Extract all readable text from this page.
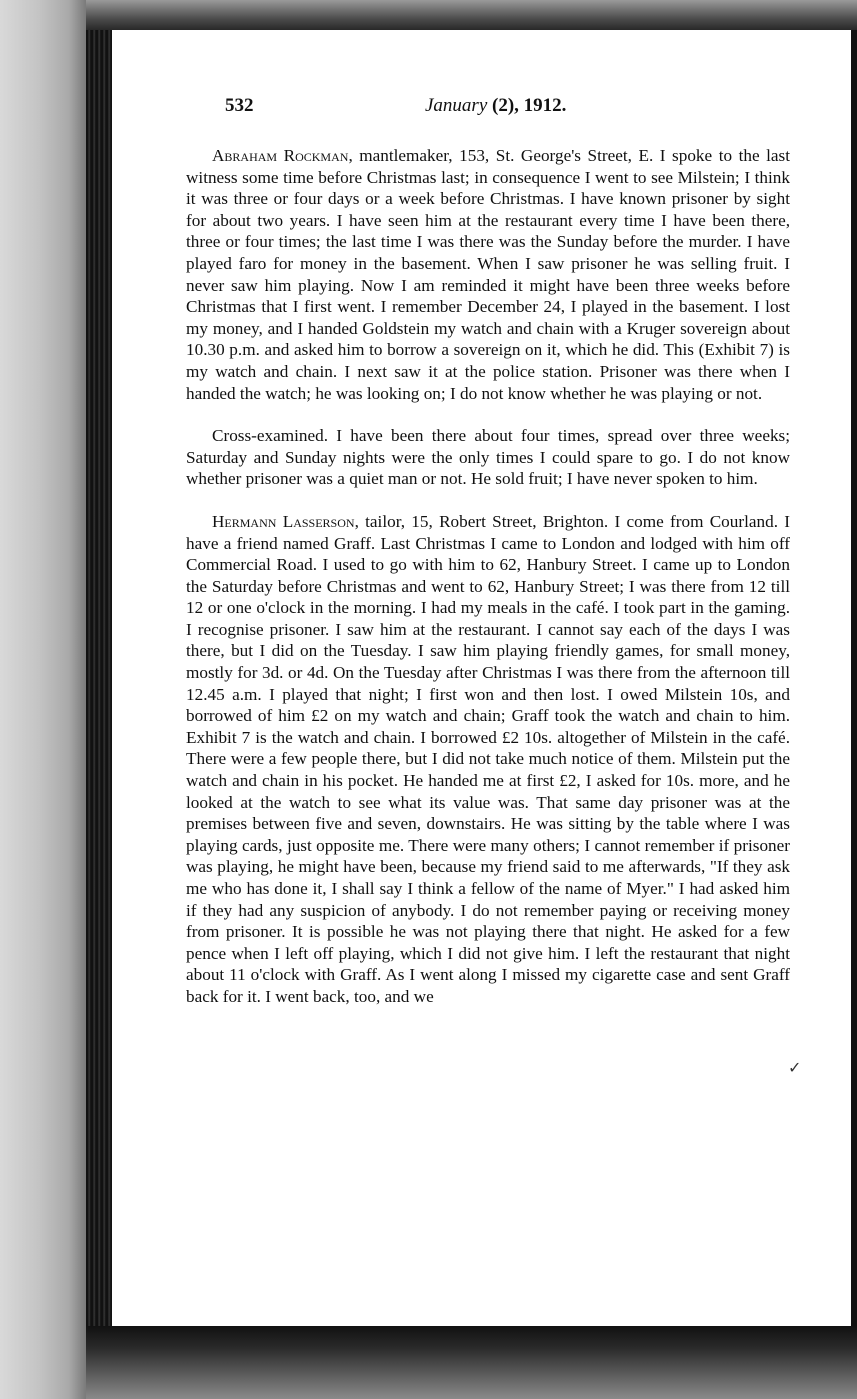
532	January (2), 1912.

Abraham Rockman, mantlemaker, 153, St. George's Street, E. I spoke to the last witness some time before Christmas last; in consequence I went to see Milstein; I think it was three or four days or a week before Christmas. I have known prisoner by sight for about two years. I have seen him at the restaurant every time I have been there, three or four times; the last time I was there was the Sunday before the murder. I have played faro for money in the basement. When I saw prisoner he was selling fruit. I never saw him playing. Now I am reminded it might have been three weeks before Christmas that I first went. I remember December 24, I played in the basement. I lost my money, and I handed Goldstein my watch and chain with a Kruger sovereign about 10.30 p.m. and asked him to borrow a sovereign on it, which he did. This (Exhibit 7) is my watch and chain. I next saw it at the police station. Prisoner was there when I handed the watch; he was looking on; I do not know whether he was playing or not.

Cross-examined. I have been there about four times, spread over three weeks; Saturday and Sunday nights were the only times I could spare to go. I do not know whether prisoner was a quiet man or not. He sold fruit; I have never spoken to him.

Hermann Lasserson, tailor, 15, Robert Street, Brighton. I come from Courland. I have a friend named Graff. Last Christmas I came to London and lodged with him off Commercial Road. I used to go with him to 62, Hanbury Street. I came up to London the Saturday before Christmas and went to 62, Hanbury Street; I was there from 12 till 12 or one o'clock in the morning. I had my meals in the café. I took part in the gaming. I recognise prisoner. I saw him at the restaurant. I cannot say each of the days I was there, but I did on the Tuesday. I saw him playing friendly games, for small money, mostly for 3d. or 4d. On the Tuesday after Christmas I was there from the afternoon till 12.45 a.m. I played that night; I first won and then lost. I owed Milstein 10s, and borrowed of him £2 on my watch and chain; Graff took the watch and chain to him. Exhibit 7 is the watch and chain. I borrowed £2 10s. altogether of Milstein in the café. There were a few people there, but I did not take much notice of them. Milstein put the watch and chain in his pocket. He handed me at first £2, I asked for 10s. more, and he looked at the watch to see what its value was. That same day prisoner was at the premises between five and seven, downstairs. He was sitting by the table where I was playing cards, just opposite me. There were many others; I cannot remember if prisoner was playing, he might have been, because my friend said to me afterwards, "If they ask me who has done it, I shall say I think a fellow of the name of Myer." I had asked him if they had any suspicion of anybody. I do not remember paying or receiving money from prisoner. It is possible he was not playing there that night. He asked for a few pence when I left off playing, which I did not give him. I left the restaurant that night about 11 o'clock with Graff. As I went along I missed my cigarette case and sent Graff back for it. I went back, too, and we

✓
